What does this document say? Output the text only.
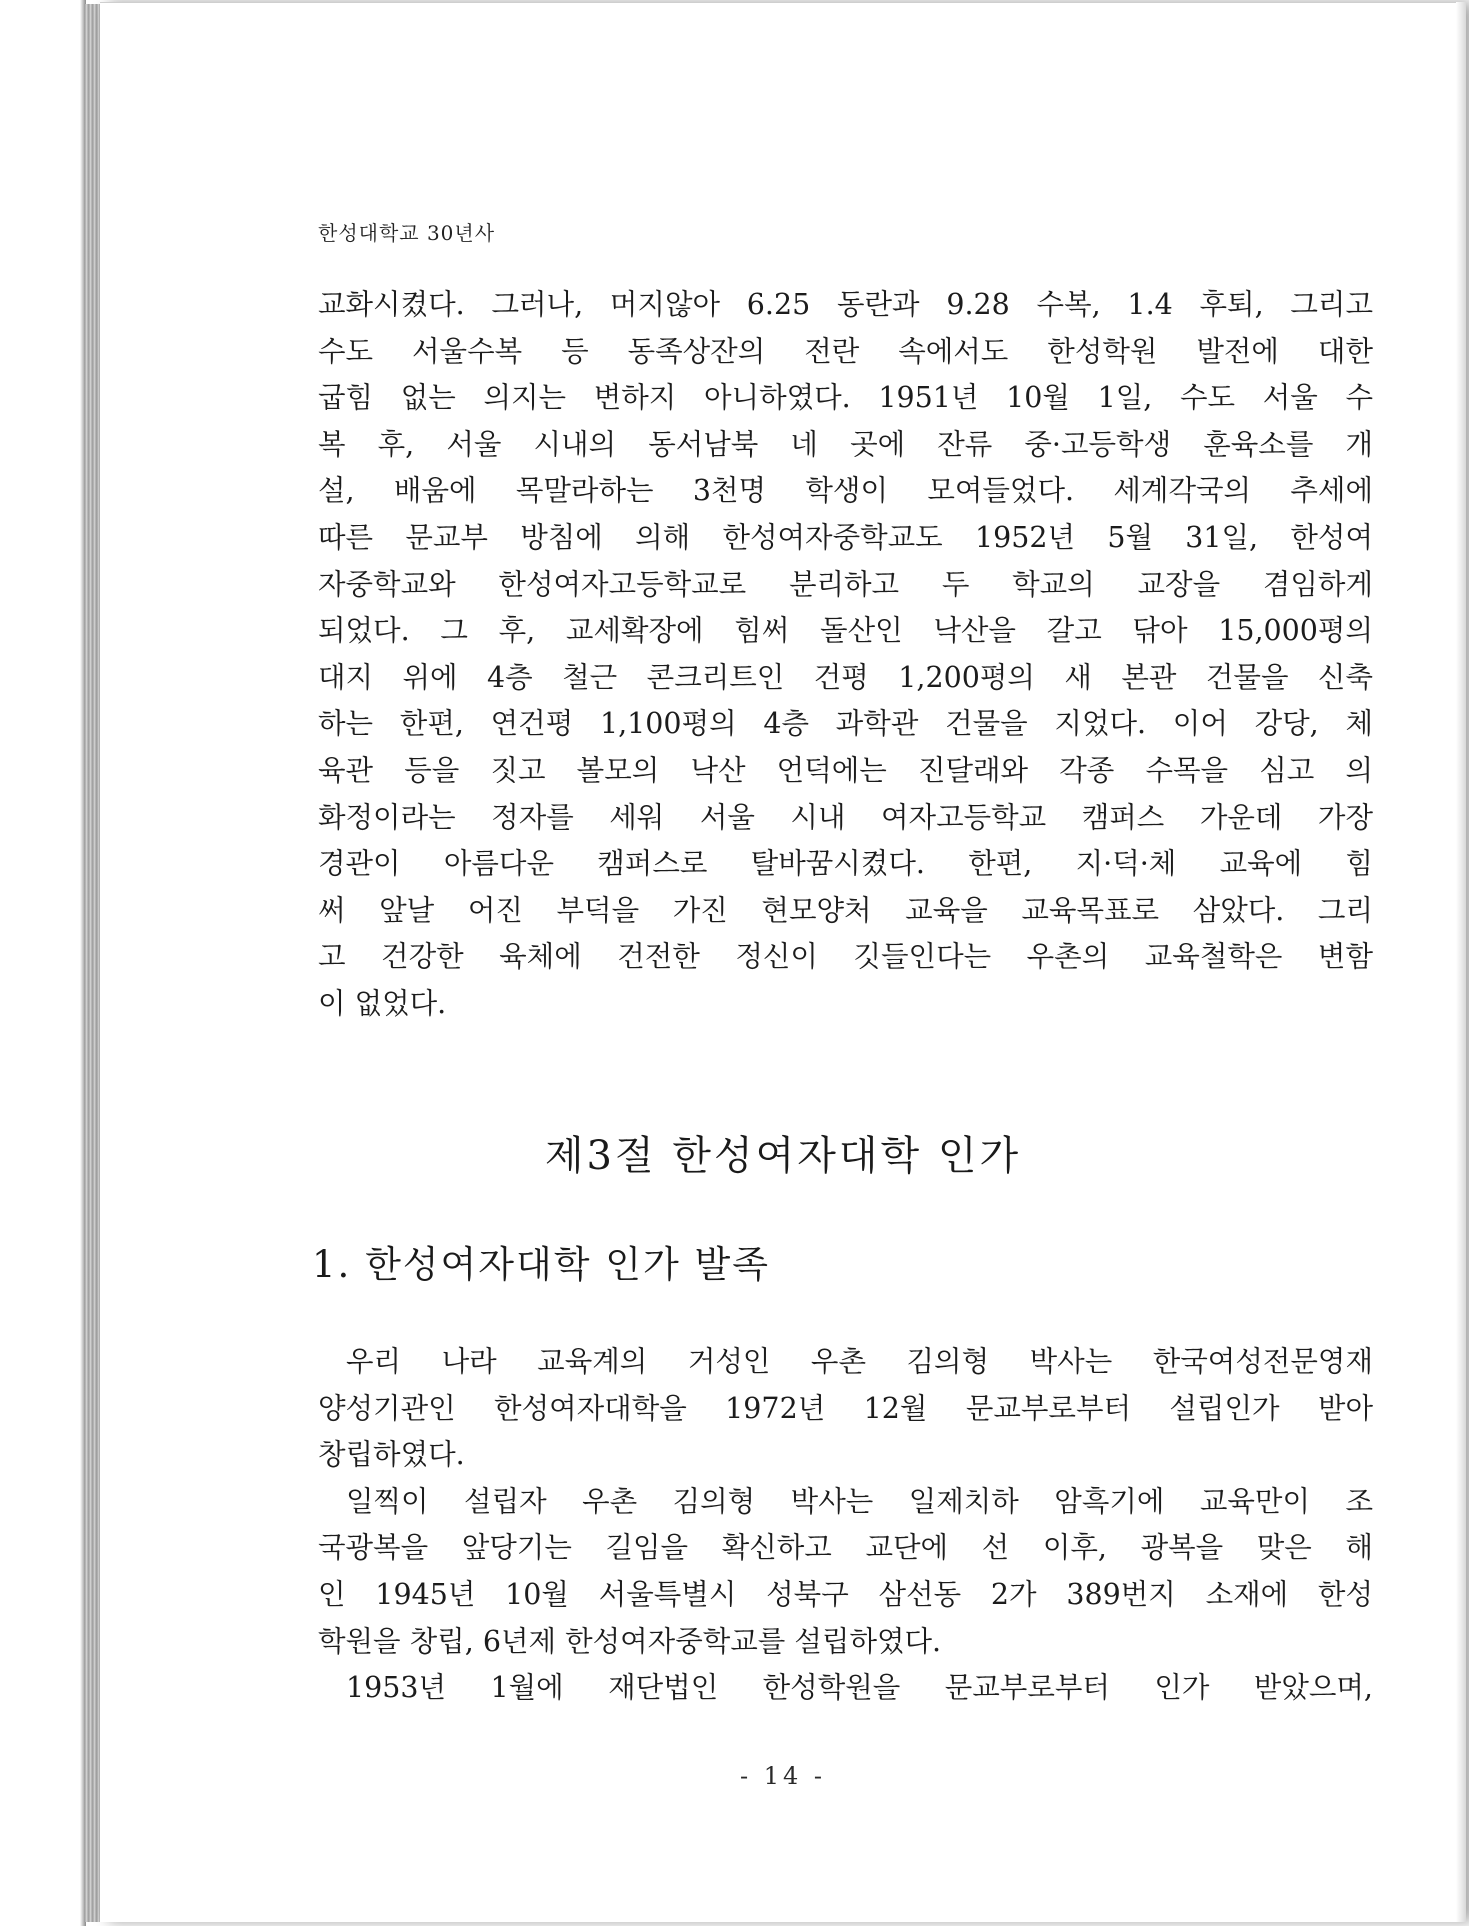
한성대학교 30년사
교화시켰다. 그러나, 머지않아 6.25 동란과 9.28 수복, 1.4 후퇴, 그리고
수도 서울수복 등 동족상잔의 전란 속에서도 한성학원 발전에 대한
굽힘 없는 의지는 변하지 아니하였다. 1951년 10월 1일, 수도 서울 수
복 후, 서울 시내의 동서남북 네 곳에 잔류 중·고등학생 훈육소를 개
설, 배움에 목말라하는 3천명 학생이 모여들었다. 세계각국의 추세에
따른 문교부 방침에 의해 한성여자중학교도 1952년 5월 31일, 한성여
자중학교와 한성여자고등학교로 분리하고 두 학교의 교장을 겸임하게
되었다. 그 후, 교세확장에 힘써 돌산인 낙산을 갈고 닦아 15,000평의
대지 위에 4층 철근 콘크리트인 건평 1,200평의 새 본관 건물을 신축
하는 한편, 연건평 1,100평의 4층 과학관 건물을 지었다. 이어 강당, 체
육관 등을 짓고 볼모의 낙산 언덕에는 진달래와 각종 수목을 심고 의
화정이라는 정자를 세워 서울 시내 여자고등학교 캠퍼스 가운데 가장
경관이 아름다운 캠퍼스로 탈바꿈시켰다. 한편, 지·덕·체 교육에 힘
써 앞날 어진 부덕을 가진 현모양처 교육을 교육목표로 삼았다. 그리
고 건강한 육체에 건전한 정신이 깃들인다는 우촌의 교육철학은 변함
이 없었다.
제3절 한성여자대학 인가
1. 한성여자대학 인가 발족
우리 나라 교육계의 거성인 우촌 김의형 박사는 한국여성전문영재
양성기관인 한성여자대학을 1972년 12월 문교부로부터 설립인가 받아
창립하였다.
일찍이 설립자 우촌 김의형 박사는 일제치하 암흑기에 교육만이 조
국광복을 앞당기는 길임을 확신하고 교단에 선 이후, 광복을 맞은 해
인 1945년 10월 서울특별시 성북구 삼선동 2가 389번지 소재에 한성
학원을 창립, 6년제 한성여자중학교를 설립하였다.
1953년 1월에 재단법인 한성학원을 문교부로부터 인가 받았으며,
- 14 -
